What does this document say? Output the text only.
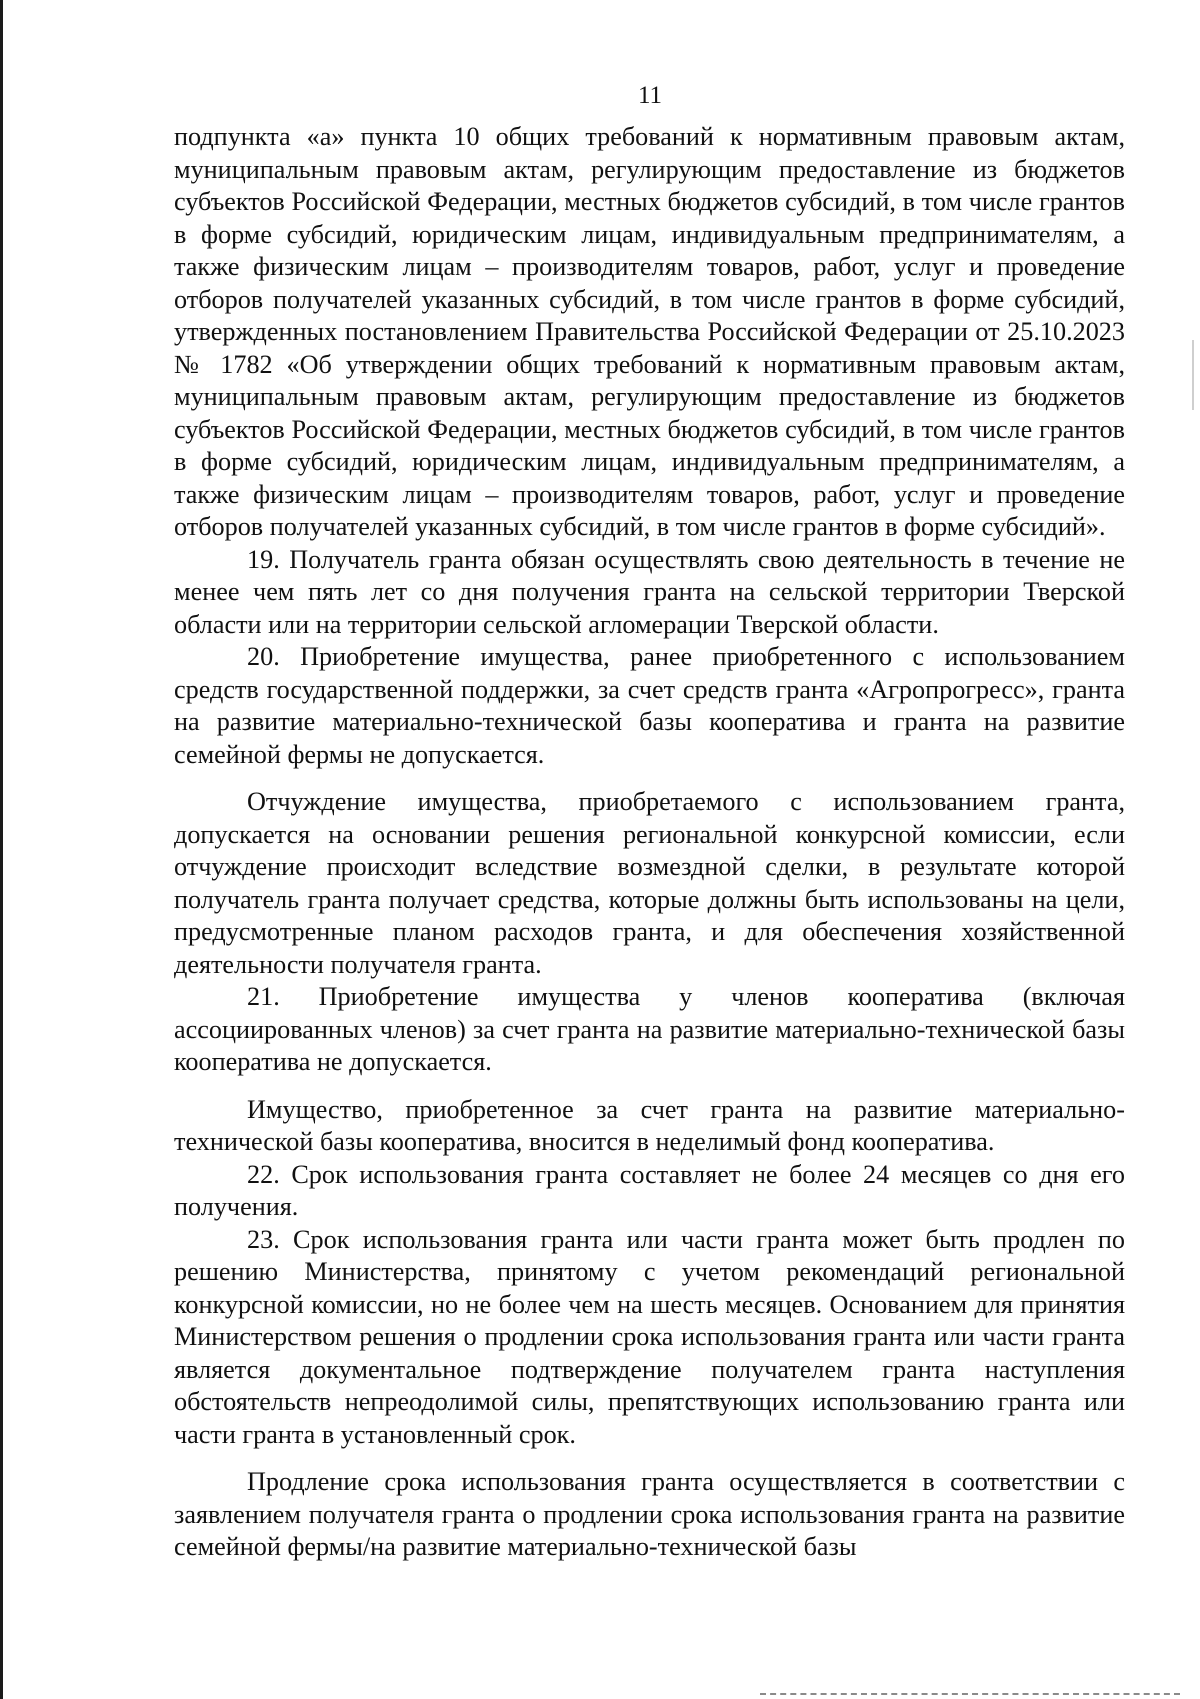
11

подпункта «а» пункта 10 общих требований к нормативным правовым актам, муниципальным правовым актам, регулирующим предоставление из бюджетов субъектов Российской Федерации, местных бюджетов субсидий, в том числе грантов в форме субсидий, юридическим лицам, индивидуальным предпринимателям, а также физическим лицам – производителям товаров, работ, услуг и проведение отборов получателей указанных субсидий, в том числе грантов в форме субсидий, утвержденных постановлением Правительства Российской Федерации от 25.10.2023 № 1782 «Об утверждении общих требований к нормативным правовым актам, муниципальным правовым актам, регулирующим предоставление из бюджетов субъектов Российской Федерации, местных бюджетов субсидий, в том числе грантов в форме субсидий, юридическим лицам, индивидуальным предпринимателям, а также физическим лицам – производителям товаров, работ, услуг и проведение отборов получателей указанных субсидий, в том числе грантов в форме субсидий».

19. Получатель гранта обязан осуществлять свою деятельность в течение не менее чем пять лет со дня получения гранта на сельской территории Тверской области или на территории сельской агломерации Тверской области.

20. Приобретение имущества, ранее приобретенного с использованием средств государственной поддержки, за счет средств гранта «Агропрогресс», гранта на развитие материально-технической базы кооператива и гранта на развитие семейной фермы не допускается.

Отчуждение имущества, приобретаемого с использованием гранта, допускается на основании решения региональной конкурсной комиссии, если отчуждение происходит вследствие возмездной сделки, в результате которой получатель гранта получает средства, которые должны быть использованы на цели, предусмотренные планом расходов гранта, и для обеспечения хозяйственной деятельности получателя гранта.

21. Приобретение имущества у членов кооператива (включая ассоциированных членов) за счет гранта на развитие материально-технической базы кооператива не допускается.

Имущество, приобретенное за счет гранта на развитие материально-технической базы кооператива, вносится в неделимый фонд кооператива.

22. Срок использования гранта составляет не более 24 месяцев со дня его получения.

23. Срок использования гранта или части гранта может быть продлен по решению Министерства, принятому с учетом рекомендаций региональной конкурсной комиссии, но не более чем на шесть месяцев. Основанием для принятия Министерством решения о продлении срока использования гранта или части гранта является документальное подтверждение получателем гранта наступления обстоятельств непреодолимой силы, препятствующих использованию гранта или части гранта в установленный срок.

Продление срока использования гранта осуществляется в соответствии с заявлением получателя гранта о продлении срока использования гранта на развитие семейной фермы/на развитие материально-технической базы
